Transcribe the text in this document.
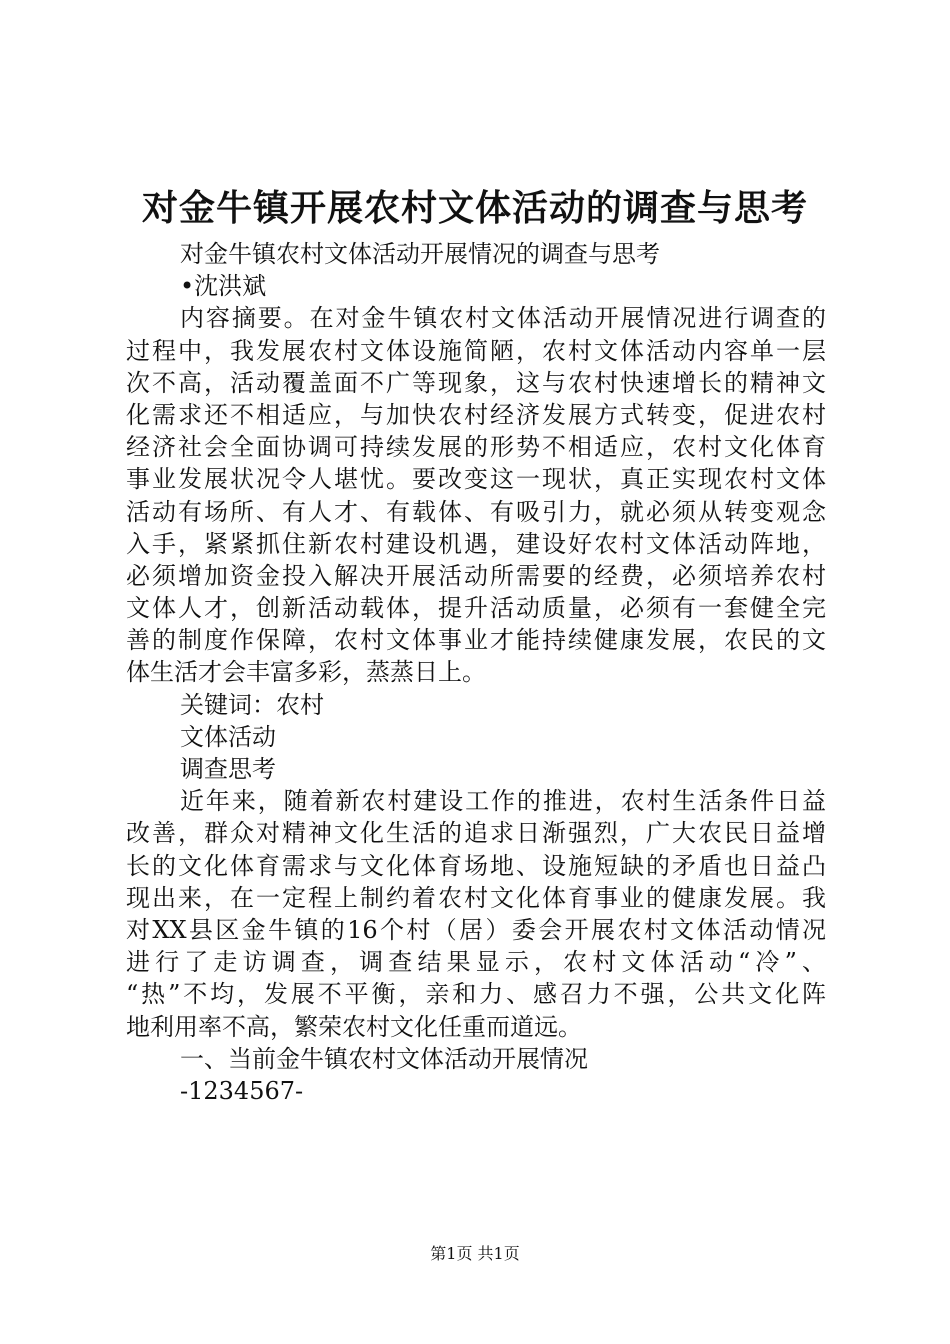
对金牛镇开展农村文体活动的调查与思考
对金牛镇农村文体活动开展情况的调查与思考
•沈洪斌
内容摘要。在对金牛镇农村文体活动开展情况进行调查的
过程中，我发展农村文体设施简陋，农村文体活动内容单一层
次不高，活动覆盖面不广等现象，这与农村快速增长的精神文
化需求还不相适应，与加快农村经济发展方式转变，促进农村
经济社会全面协调可持续发展的形势不相适应，农村文化体育
事业发展状况令人堪忧。要改变这一现状，真正实现农村文体
活动有场所、有人才、有载体、有吸引力，就必须从转变观念
入手，紧紧抓住新农村建设机遇，建设好农村文体活动阵地，
必须增加资金投入解决开展活动所需要的经费，必须培养农村
文体人才，创新活动载体，提升活动质量，必须有一套健全完
善的制度作保障，农村文体事业才能持续健康发展，农民的文
体生活才会丰富多彩，蒸蒸日上。
关键词：农村
文体活动
调查思考
近年来，随着新农村建设工作的推进，农村生活条件日益
改善，群众对精神文化生活的追求日渐强烈，广大农民日益增
长的文化体育需求与文化体育场地、设施短缺的矛盾也日益凸
现出来，在一定程上制约着农村文化体育事业的健康发展。我
对XX县区金牛镇的16个村（居）委会开展农村文体活动情况
进行了走访调查，调查结果显示，农村文体活动“冷”、
“热”不均，发展不平衡，亲和力、感召力不强，公共文化阵
地利用率不高，繁荣农村文化任重而道远。
一、当前金牛镇农村文体活动开展情况
-1234567-
第1页 共1页
